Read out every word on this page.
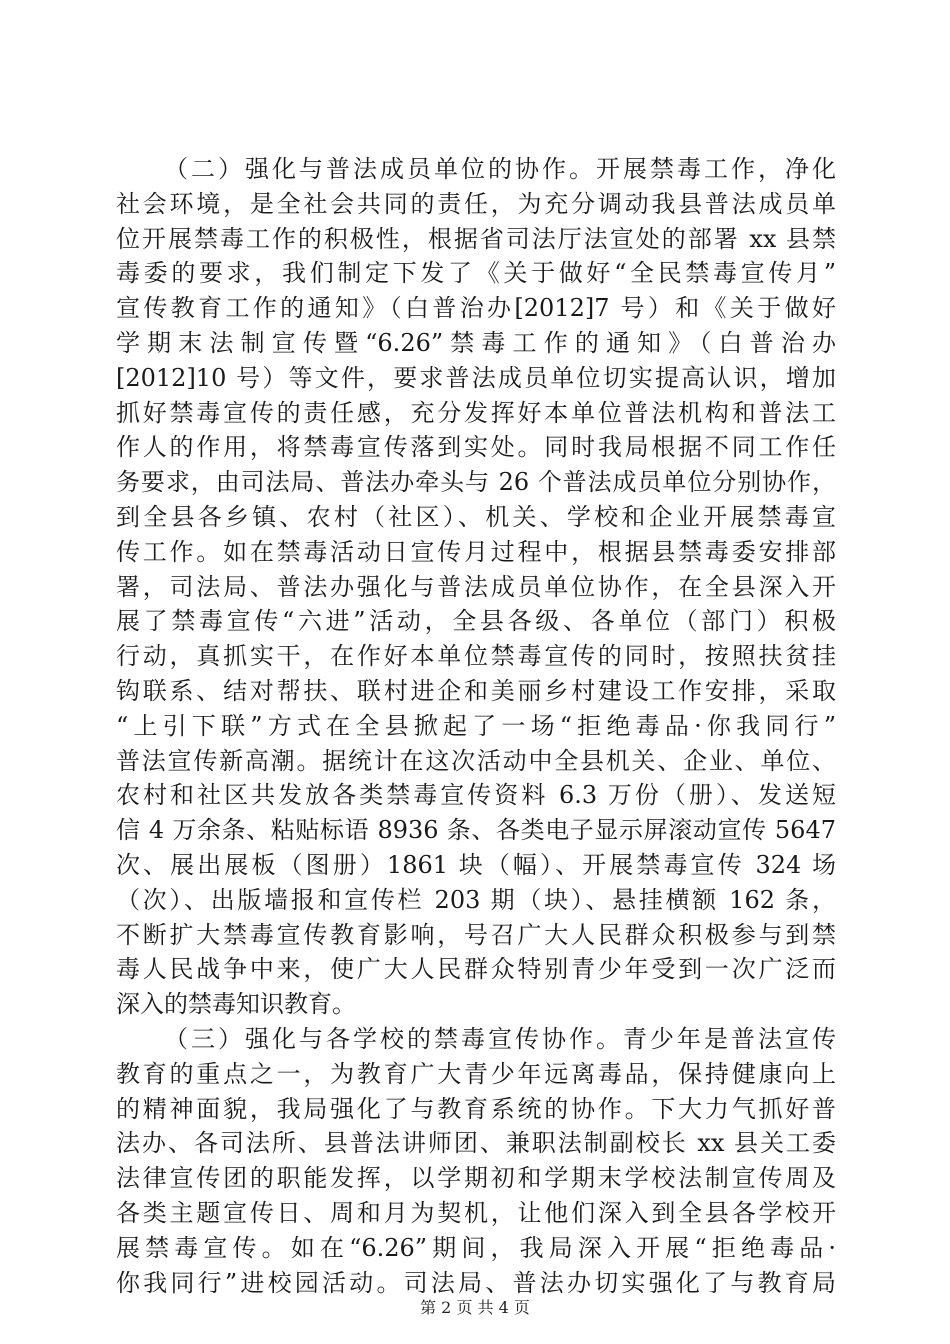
（二）强化与普法成员单位的协作。开展禁毒工作，净化
社会环境，是全社会共同的责任，为充分调动我县普法成员单
位开展禁毒工作的积极性，根据省司法厅法宣处的部署 xx 县禁
毒委的要求，我们制定下发了《关于做好“全民禁毒宣传月”
宣传教育工作的通知》（白普治办[2012]7 号）和《关于做好
学期末法制宣传暨“6.26”禁毒工作的通知》（白普治办
[2012]10 号）等文件，要求普法成员单位切实提高认识，增加
抓好禁毒宣传的责任感，充分发挥好本单位普法机构和普法工
作人的作用，将禁毒宣传落到实处。同时我局根据不同工作任
务要求，由司法局、普法办牵头与 26 个普法成员单位分别协作，
到全县各乡镇、农村（社区）、机关、学校和企业开展禁毒宣
传工作。如在禁毒活动日宣传月过程中，根据县禁毒委安排部
署，司法局、普法办强化与普法成员单位协作，在全县深入开
展了禁毒宣传“六进”活动，全县各级、各单位（部门）积极
行动，真抓实干，在作好本单位禁毒宣传的同时，按照扶贫挂
钩联系、结对帮扶、联村进企和美丽乡村建设工作安排，采取
“上引下联”方式在全县掀起了一场“拒绝毒品·你我同行”
普法宣传新高潮。据统计在这次活动中全县机关、企业、单位、
农村和社区共发放各类禁毒宣传资料 6.3 万份（册）、发送短
信 4 万余条、粘贴标语 8936 条、各类电子显示屏滚动宣传 5647
次、展出展板（图册）1861 块（幅）、开展禁毒宣传 324 场
（次）、出版墙报和宣传栏 203 期（块）、悬挂横额 162 条，
不断扩大禁毒宣传教育影响，号召广大人民群众积极参与到禁
毒人民战争中来，使广大人民群众特别青少年受到一次广泛而
深入的禁毒知识教育。
（三）强化与各学校的禁毒宣传协作。青少年是普法宣传
教育的重点之一，为教育广大青少年远离毒品，保持健康向上
的精神面貌，我局强化了与教育系统的协作。下大力气抓好普
法办、各司法所、县普法讲师团、兼职法制副校长 xx 县关工委
法律宣传团的职能发挥，以学期初和学期末学校法制宣传周及
各类主题宣传日、周和月为契机，让他们深入到全县各学校开
展禁毒宣传。如在“6.26”期间，我局深入开展“拒绝毒品·
你我同行”进校园活动。司法局、普法办切实强化了与教育局
第 2 页 共 4 页
